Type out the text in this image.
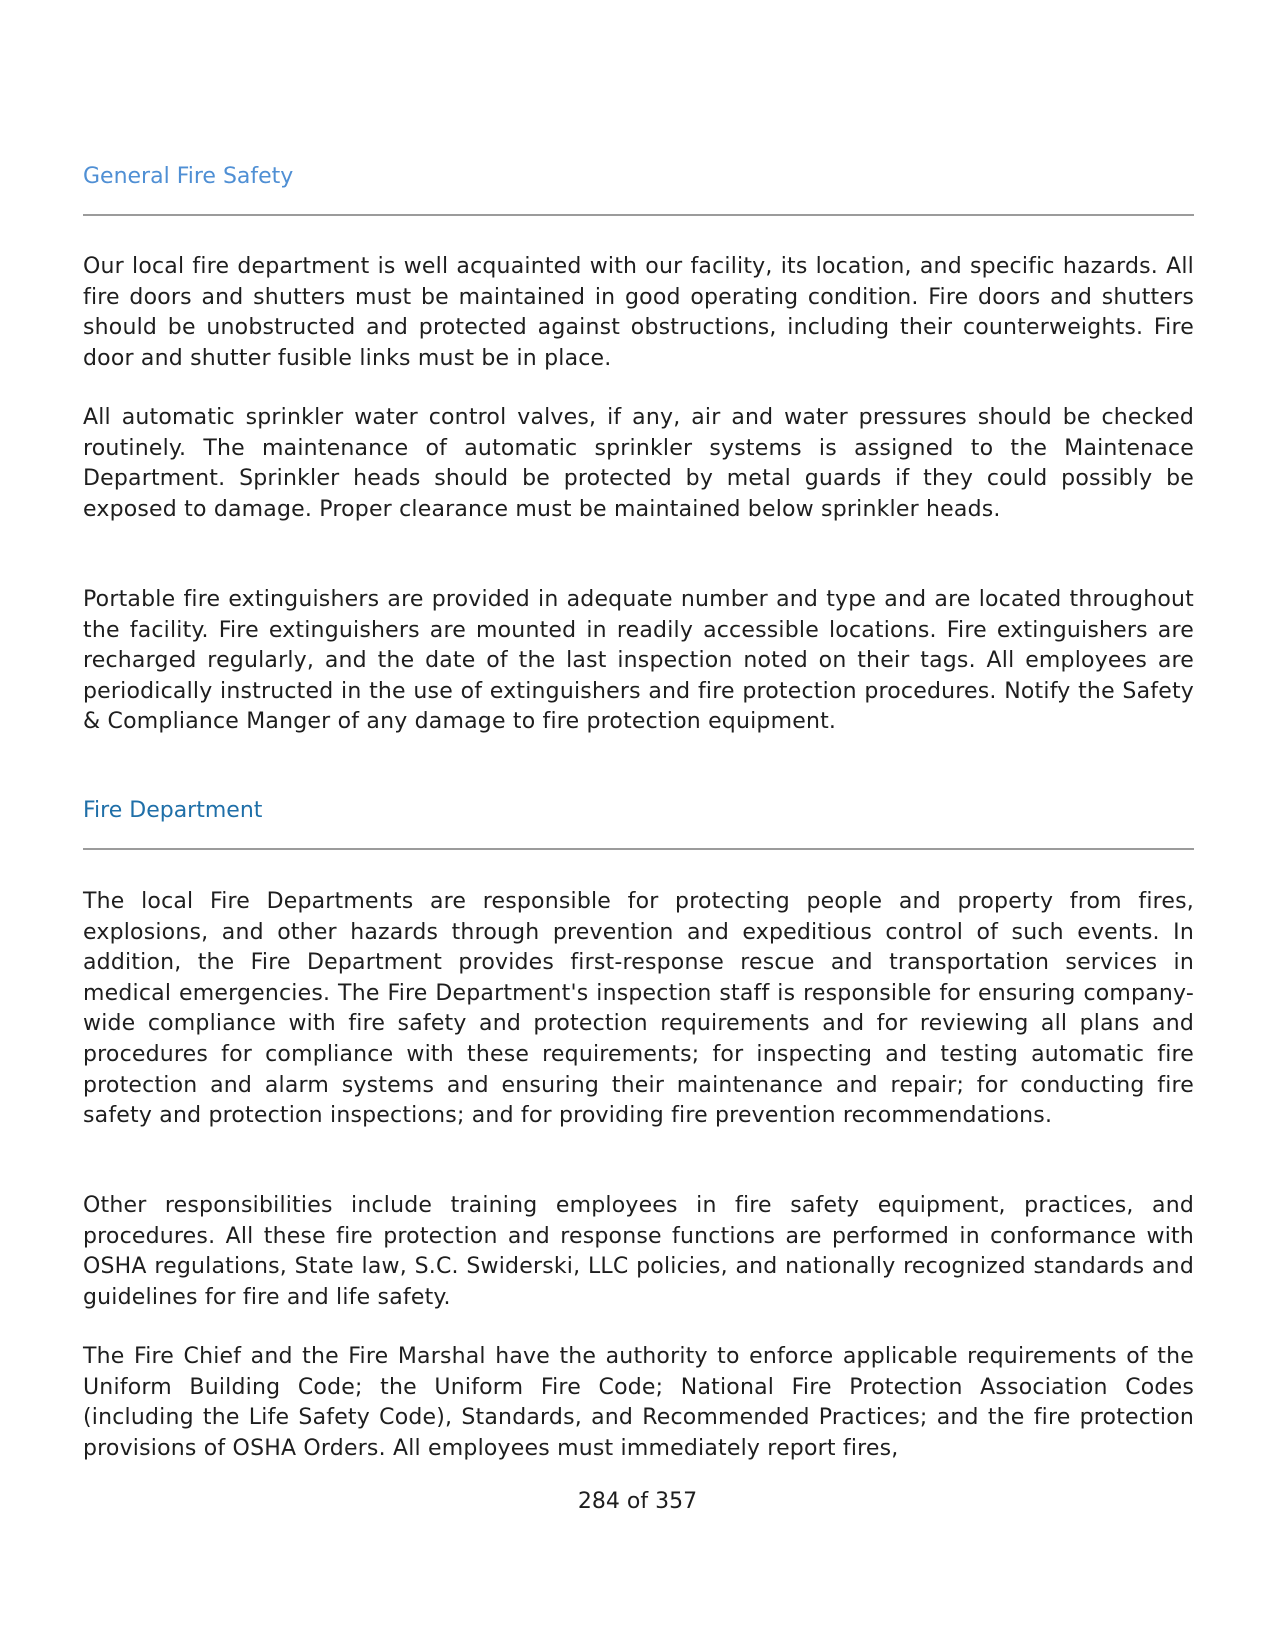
General Fire Safety

Our local fire department is well acquainted with our facility, its location, and specific hazards. All fire doors and shutters must be maintained in good operating condition. Fire doors and shutters should be unobstructed and protected against obstructions, including their counterweights. Fire door and shutter fusible links must be in place.

All automatic sprinkler water control valves, if any, air and water pressures should be checked routinely. The maintenance of automatic sprinkler systems is assigned to the Maintenace Department. Sprinkler heads should be protected by metal guards if they could possibly be exposed to damage. Proper clearance must be maintained below sprinkler heads.

Portable fire extinguishers are provided in adequate number and type and are located throughout the facility. Fire extinguishers are mounted in readily accessible locations. Fire extinguishers are recharged regularly, and the date of the last inspection noted on their tags. All employees are periodically instructed in the use of extinguishers and fire protection procedures. Notify the Safety & Compliance Manger of any damage to fire protection equipment.

Fire Department

The local Fire Departments are responsible for protecting people and property from fires, explosions, and other hazards through prevention and expeditious control of such events. In addition, the Fire Department provides first-response rescue and transportation services in medical emergencies. The Fire Department's inspection staff is responsible for ensuring company-wide compliance with fire safety and protection requirements and for reviewing all plans and procedures for compliance with these requirements; for inspecting and testing automatic fire protection and alarm systems and ensuring their maintenance and repair; for conducting fire safety and protection inspections; and for providing fire prevention recommendations.

Other responsibilities include training employees in fire safety equipment, practices, and procedures. All these fire protection and response functions are performed in conformance with OSHA regulations, State law, S.C. Swiderski, LLC policies, and nationally recognized standards and guidelines for fire and life safety.

The Fire Chief and the Fire Marshal have the authority to enforce applicable requirements of the Uniform Building Code; the Uniform Fire Code; National Fire Protection Association Codes (including the Life Safety Code), Standards, and Recommended Practices; and the fire protection provisions of OSHA Orders. All employees must immediately report fires,

284 of 357
